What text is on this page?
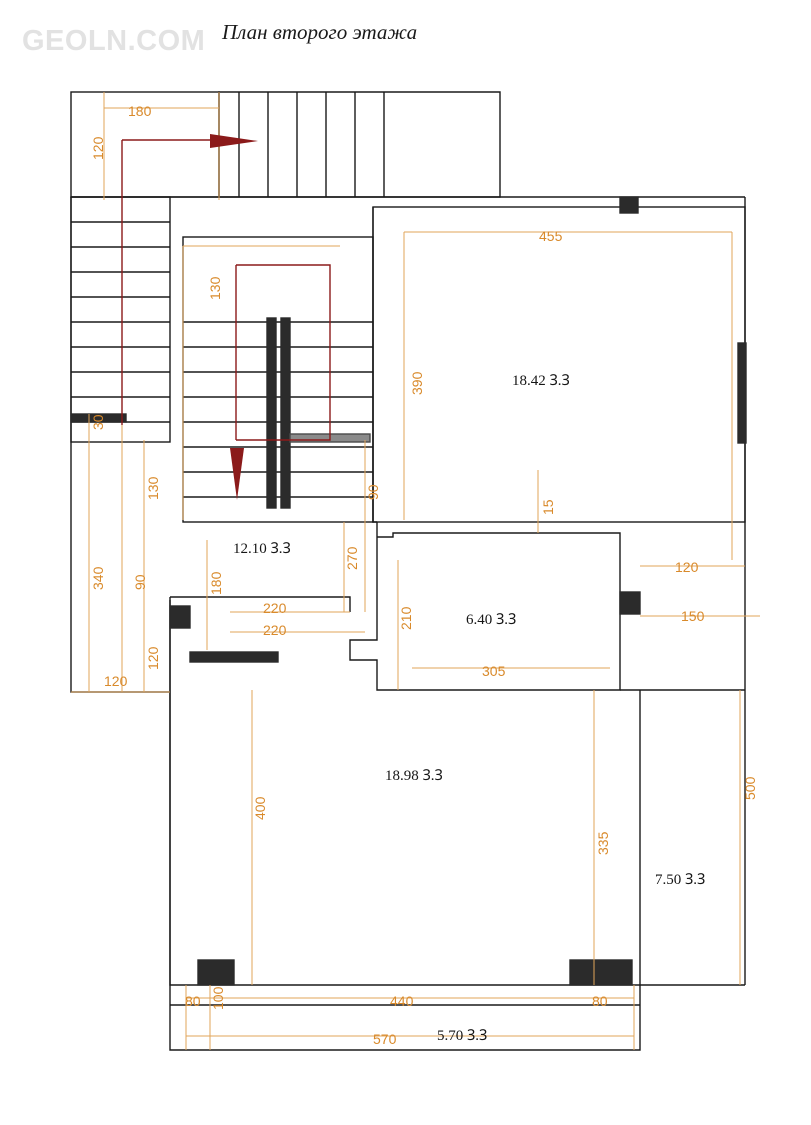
GEOLN.COM План второго этажа
18.42 Ꝫ.Ꝫ
12.10 Ꝫ.Ꝫ
6.40 Ꝫ.Ꝫ
18.98 Ꝫ.Ꝫ
7.50 Ꝫ.Ꝫ
5.70 Ꝫ.Ꝫ
180
455
220
220
120
150
305
120
80	440	80
570
120
130
390
30
130	90
15
270
340 90	180
210
120
400
335
500
100
